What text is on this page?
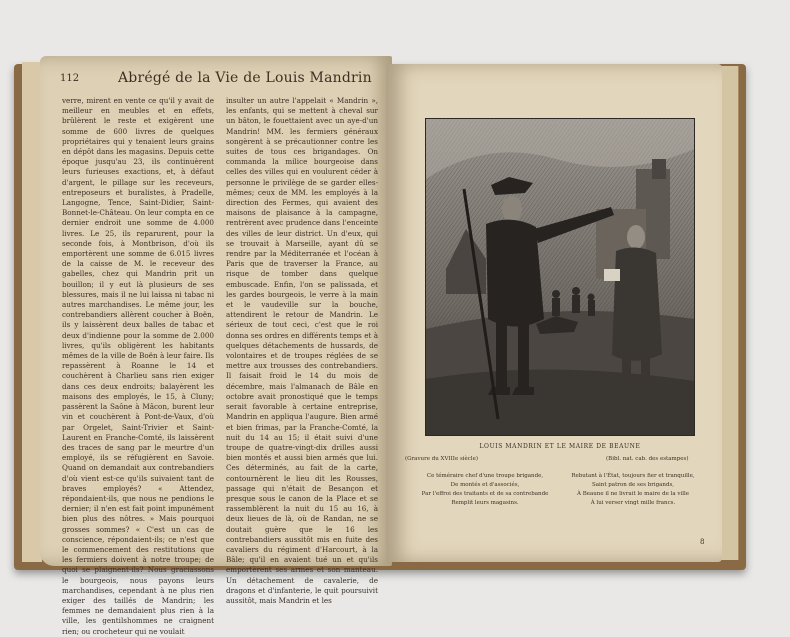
112	Abrégé de la Vie de Louis Mandrin
verre, mirent en vente ce qu'il y avait de meilleur en meubles et en effets, brûlèrent le reste et exigèrent une somme de 600 livres de quelques propriétaires qui y tenaient leurs grains en dépôt dans les magasins. Depuis cette époque jusqu'au 23, ils continuèrent leurs furieuses exactions, et, à défaut d'argent, le pillage sur les receveurs, entreposeurs et buralistes, à Pradelle, Langogne, Tence, Saint-Didier, Saint-Bonnet-le-Château. On leur compta en ce dernier endroit une somme de 4.000 livres. Le 25, ils reparurent, pour la seconde fois, à Montbrison, d'où ils emportèrent une somme de 6.015 livres de la caisse de M. le receveur des gabelles, chez qui Mandrin prit un bouillon; il y eut là plusieurs de ses blessures, mais il ne lui laissa ni tabac ni autres marchandises. Le même jour, les contrebandiers allèrent coucher à Boën, ils y laissèrent deux balles de tabac et deux d'indienne pour la somme de 2.000 livres, qu'ils obligèrent les habitants mêmes de la ville de Boën à leur faire. Ils repassèrent à Roanne le 14 et couchèrent à Charlieu sans rien exiger dans ces deux endroits; balayèrent les maisons des employés, le 15, à Cluny; passèrent la Saône à Mâcon, burent leur vin et couchèrent à Pont-de-Vaux, d'où par Orgelet, Saint-Trivier et Saint-Laurent en Franche-Comté, ils laissèrent des traces de sang par le meurtre d'un employé, ils se réfugièrent en Savoie. Quand on demandait aux contrebandiers d'où vient est-ce qu'ils suivaient tant de braves employés? « Attendez, répondaient-ils, que nous ne pendions le dernier; il n'en est fait point impunément bien plus des nôtres. » Mais pourquoi grosses sommes? « C'est un cas de conscience, répondaient-ils; ce n'est que le commencement des restitutions que les fermiers doivent à notre troupe; de quoi se plaignent-ils? Nous graciassons le bourgeois, nous payons leurs marchandises, cependant à ne plus rien exiger des taillés de Mandrin; les femmes ne demandaient plus rien à la ville, les gentilshommes ne craignent rien; ou crocheteur qui ne voulait
insulter un autre l'appelait « Mandrin », les enfants, qui se mettent à cheval sur un bâton, le fouettaient avec un aye-d'un Mandrin! MM. les fermiers généraux songèrent à se précautionner contre les suites de tous ces brigandages. On commanda la milice bourgeoise dans celles des villes qui en voulurent céder à personne le privilège de se garder elles-mêmes; ceux de MM. les employés à la direction des Fermes, qui avaient des maisons de plaisance à la campagne, rentrèrent avec prudence dans l'enceinte des villes de leur district. Un d'eux, qui se trouvait à Marseille, ayant dû se rendre par la Méditerranée et l'océan à Paris que de traverser la France, au risque de tomber dans quelque embuscade. Enfin, l'on se palissada, et les gardes bourgeois, le verre à la main et le vaudeville sur la bouche, attendirent le retour de Mandrin. Le sérieux de tout ceci, c'est que le roi donna ses ordres en différents temps et à quelques détachements de hussards, de volontaires et de troupes réglées de se mettre aux trousses des contrebandiers. Il faisait froid le 14 du mois de décembre, mais l'almanach de Bâle en octobre avait pronostiqué que le temps serait favorable à certaine entreprise, Mandrin en appliqua l'augure. Bien armé et bien frimas, par la Franche-Comté, la nuit du 14 au 15; il était suivi d'une troupe de quatre-vingt-dix drilles aussi bien montés et aussi bien armés que lui. Ces déterminés, au fait de la carte, contournèrent le lieu dit les Rousses, passage qui n'était de Besançon et presque sous le canon de la Place et se rassemblèrent la nuit du 15 au 16, à deux lieues de là, où de Randan, ne se doutait guère que le 16 les contrebandiers aussitôt mis en fuite des cavaliers du régiment d'Harcourt, à la Bâle; qu'il en avaient tué un et qu'ils emportèrent ses armes et son manteau. Un détachement de cavalerie, de dragons et d'infanterie, le quit poursuivit aussitôt, mais Mandrin et les
LOUIS MANDRIN ET LE MAIRE DE BEAUNE
(Gravure du XVIIIe siècle)	(Bibl. nat. cab. des estampes)
Ce téméraire chef d'une troupe brigande,
De montés et d'associés,
Par l'effroi des traitants et de sa contrebande
Remplit leurs magasins.
Rebutant à l'État, toujours fier et tranquille,
Saint patron de ses brigands,
À Beaune il ne livrait le maire de la ville
À lui verser vingt mille francs.
8
